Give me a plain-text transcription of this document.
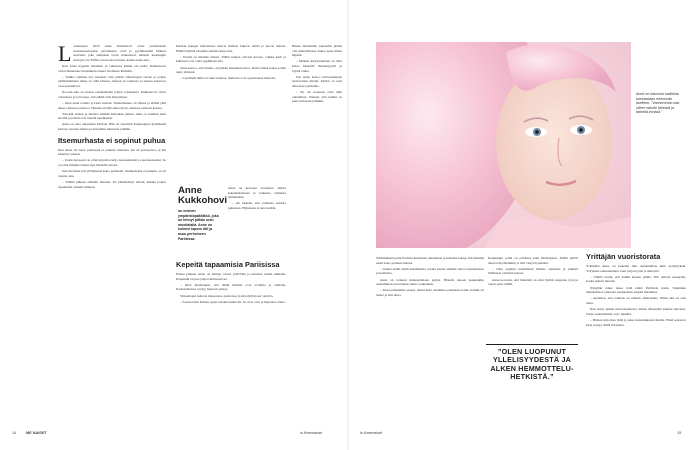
L okakuussa 2020 Anne Kukkohovi avasi pariisilaisen kattohuoneistonsa parvekkeen oven ja pyyhkiessään hiukset kuivaksi, joka aamuisen tavan mukaisesti, kurkisti kaupungin kattojen yli. Eiffel-torni kohosi tutusti, kaunis kuin aina.

Kun Anne hyppäsi hahlehan ja vaiheessa kaikki oli toisin: Kukkohovit olivat muuttaneet heinäkuun alussa Suomesta Pariisiin.

– Vaikka olemme nyt asunneet vain pitkän viikonlopun verran ja paljon päällemmäinen tunne on ollut kiireen. Arkeen on totuttava ja uuteen asuntoon on sopeuduttava.

Korona-aika on tuonut ranskalaisille paljon rajoituksia. Kukkohovit olivat odottaneet ja toivoneet, että elämä olisi helpompaa.

– Olen ainut todella syvissä vesissä. Tunnelmanne oli illassa ja elämä yhtä aikaa vaikeaa ja hienoa. Halusin viettää aikaa myös rauhassa perheen kanssa.

Yhteistä Annen ja miehen elämää kuitenkin jatkuu. Aika on kulunut kuin siivillä ja päivät ovat täynnä tapahtumia.

Anne on aina rakastanut Pariisia. Hän on vieraillut kaupungissa kymmeniä kertoja vuosien aikana ja haaveillut muutosta pitkään.

Itsemurhasta ei sopinut puhua

Kun Anne oli lapsi, perheessä ei puhuttu tunteista. Isä oli poissaoleva ja äiti keskittyi arkeen.

– Uusin haaveeni on ollut kirjoittaa kirja lapsuudestani ja nuoruudestani. Se on ollut minulle tärkeä tapa käsitellä asioita.

Isän kuolema tuli yllätyksenä koko perheelle. Itsemurhasta ei puhuttu, se oli vaiettu asia.

– Tämän jälkeen elämäni muuttui. En ymmärtänyt silloin, kuinka paljon tapahtuma vaikutti minuun.	Anne Kukkohovi

on entinen ympäristöpäällikkö, joka on tehnyt pitkän uran muotialalla. Anne on kolmen lapsen äiti ja asuu perheineen Pariisissa.

Pariisin katujen kahviloissa istuvat ihmiset lukevat lehtiä ja juovat kahvia. Elämä näyttää ulospäin samalta kuin aina.

– Pariisi on minulle tärkeä. Täällä tunnen olevani kotona, vaikka kieli ja kulttuuri ovat vielä oppimisen alla.

Anne kertoo, että muutto oli pitkän harkinnan tulos. Perhe halusi kokea jotain uutta yhdessä.

– Lapsilleni tämä on suuri muutos, mutta he ovat sopeutuneet hienosti.

Anne on kertonut avoimesti omista kokemuksistaan ja vaikeista vaiheista elämässään.

– On tärkeää, että vaikeista asioista puhutaan. Hiljaisuus ei auta ketään.

Kepeitä tapaamisia Pariisissa

Ennen jälkeen Anne on ehtinyt tavata ystäviään ja tutustua uusiin ihmisiin. Kaupunki tarjoaa paljon kiinnostavaa.

– Olen huomannut, että täällä ihmiset ovat avoimia ja uteliaita. Keskusteluissa syntyy helposti yhteys.

Viikonloput kuluvat museoissa, puistoissa ja kävelyillä joen varrella.

– Seuraavaksi haluan oppia ranskaa kunnolla. Se avaa ovia ja helpottaa arkea.

Hänen mielestään jokaisella pitäisi olla mahdollisuus hakea apua ilman häpeää.

– Minulle kirjoittaminen on ollut keino käsitellä menneisyyttä ja löytää rauha.

Nyt Anne katsoo tulevaisuuteen luottavaisin mielin. Pariisi on uusi alku koko perheelle.

– En ole koskaan ollut näin onnellinen. Tunnen, että kaikki on juuri niin kuin pitääkin.

Anne on kalunnut kaikkista tuleviastaan enemmän itselleen. ”Vanhemmat ovat olleet minulle läheisiä ja tärkeitä ihmisiä.”

Ylimmäisinä pidin Pariisin keskustan tunnelmaa ja kauniita katuja. Kävelimme usein koko perheen kanssa.

– Aluksi ehdin tehdä tutkimuksia, joiden kautta saimme tietoa asuinalueista ja kouluista.

Anne on tottunut matkustamaan paljon. Hänelle uuteen kaupunkiin asettuminen ei tuottanut suuria vaikeuksia.

– Kun perheemme saapui, tuntui kuin olisimme palanneet kotiin. Kaikki oli tuttua ja silti uutta.

Kaupungin rytmi on erilainen kuin Helsingissä. Täällä päivät alkavat myöhemmin ja illat venyvät pitkiksi.

– Olen oppinut nauttimaan hitaista aamuista ja pitkistä illallisista ystävien kanssa.

Anne korostaa, että tärkeintä on ollut löytää tasapaino työn ja vapaa-ajan välillä.

”OLEN LUOPUNUT YLLELISYYDESTÄ JA ALKEN HEMMOTTELU-HETKISTÄ.”
Yrittäjän vuoristorata

Yrittäjänä Anne on kokenut niin onnistumisia kuin pettymyksiä. Yrityksen rakentaminen vaati paljon työtä ja sitkeyttä.

– Välillä tuntui, että kaikki kaatuu päälle. Silti jatkoin eteenpäin, koska uskoin ideaani.

Nykyään Anne tekee töitä etänä Pariisista käsin. Tekniikka mahdollistaa yhteydet asiakkaisiin ympäri maailmaa.

– Ajattelen, että rohkeus on tärkein ominaisuus. Ilman sitä en olisi tässä.

Kun Anne puhuu tulevaisuudesta, hänen äänessään kuuluu innostus. Uusia suunnitelmia on jo tekeillä.

– Haluan kirjoittaa lisää ja jakaa kokemuksiani muille. Ehkä seuraava kirja syntyy täällä Pariisissa.

14	ME NAISET	is.fi/menaiset	is.fi/menaiset	15
